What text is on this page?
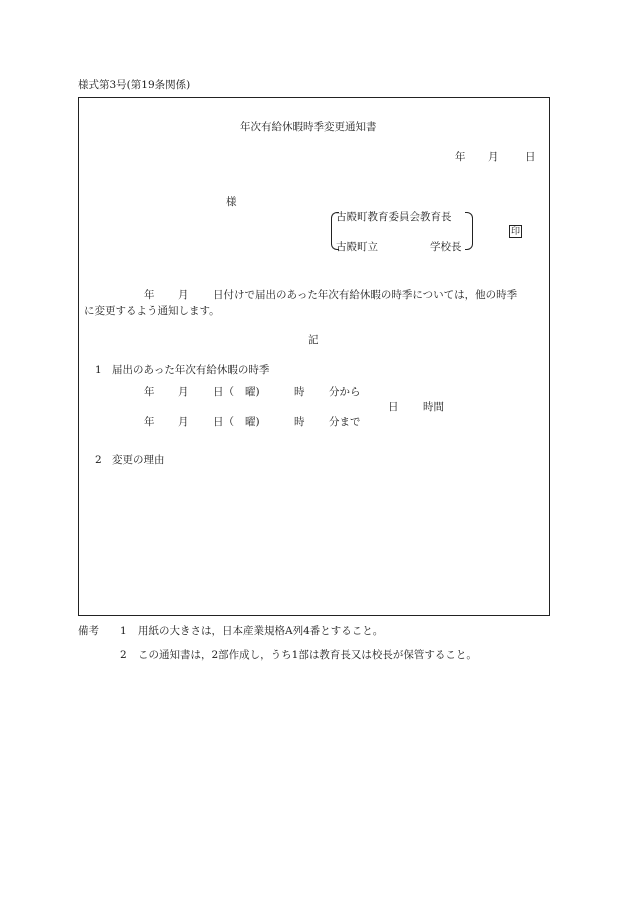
様式第3号(第19条関係)
年次有給休暇時季変更通知書
年 月	日
様
古殿町教育委員会教育長
古殿町立	学校長
印
年 月 日付けで届出のあった年次有給休暇の時季については，他の時季
に変更するよう通知します。
記
1 届出のあった年次有給休暇の時季
年 月 日（ 曜)	時 分から
日 時間
年 月 日（ 曜)	時 分まで
2 変更の理由
備考 1 用紙の大きさは，日本産業規格A列4番とすること。
2 この通知書は，2部作成し，うち1部は教育長又は校長が保管すること。
